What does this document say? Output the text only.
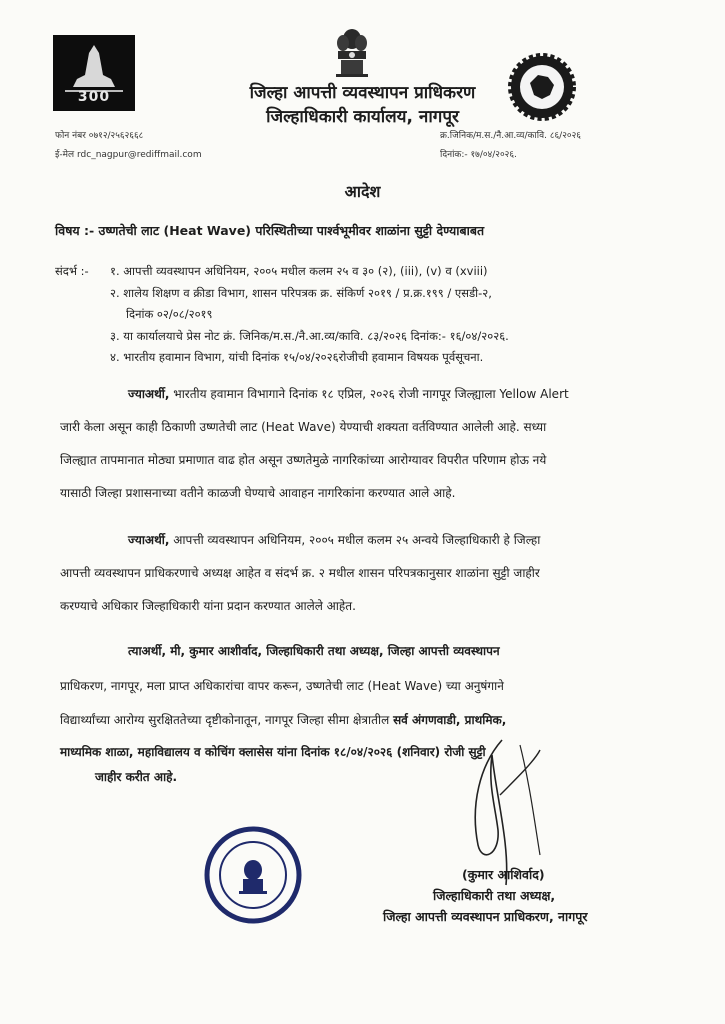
300	जिल्हा आपत्ती व्यवस्थापन प्राधिकरण
जिल्हाधिकारी कार्यालय, नागपूर
फोन नंबर ०७१२/२५६२६६८
ई-मेल rdc_nagpur@rediffmail.com
क्र.जिनिक/म.स./नै.आ.व्य/कावि. ८६/२०२६
दिनांक:- १७/०४/२०२६.
आदेश
विषय :- उष्णतेची लाट (Heat Wave) परिस्थितीच्या पार्श्वभूमीवर शाळांना सुट्टी देण्याबाबत
संदर्भ :- १. आपत्ती व्यवस्थापन अधिनियम, २००५ मधील कलम २५ व ३० (२), (iii), (v) व (xviii)
२. शालेय शिक्षण व क्रीडा विभाग, शासन परिपत्रक क्र. संकिर्ण २०१९ / प्र.क्र.१९९ / एसडी-२,
दिनांक ०२/०८/२०१९
३. या कार्यालयाचे प्रेस नोट क्रं. जिनिक/म.स./नै.आ.व्य/कावि. ८३/२०२६ दिनांक:- १६/०४/२०२६.
४. भारतीय हवामान विभाग, यांची दिनांक १५/०४/२०२६रोजीची हवामान विषयक पूर्वसूचना.
ज्याअर्थी, भारतीय हवामान विभागाने दिनांक १८ एप्रिल, २०२६ रोजी नागपूर जिल्ह्याला Yellow Alert
जारी केला असून काही ठिकाणी उष्णतेची लाट (Heat Wave) येण्याची शक्यता वर्तविण्यात आलेली आहे. सध्या
जिल्ह्यात तापमानात मोठ्या प्रमाणात वाढ होत असून उष्णतेमुळे नागरिकांच्या आरोग्यावर विपरीत परिणाम होऊ नये
यासाठी जिल्हा प्रशासनाच्या वतीने काळजी घेण्याचे आवाहन नागरिकांना करण्यात आले आहे.
ज्याअर्थी, आपत्ती व्यवस्थापन अधिनियम, २००५ मधील कलम २५ अन्वये जिल्हाधिकारी हे जिल्हा
आपत्ती व्यवस्थापन प्राधिकरणाचे अध्यक्ष आहेत व संदर्भ क्र. २ मधील शासन परिपत्रकानुसार शाळांना सुट्टी जाहीर
करण्याचे अधिकार जिल्हाधिकारी यांना प्रदान करण्यात आलेले आहेत.
त्याअर्थी, मी, कुमार आशीर्वाद, जिल्हाधिकारी तथा अध्यक्ष, जिल्हा आपत्ती व्यवस्थापन
प्राधिकरण, नागपूर, मला प्राप्त अधिकारांचा वापर करून, उष्णतेची लाट (Heat Wave) च्या अनुषंगाने
विद्यार्थ्यांच्या आरोग्य सुरक्षिततेच्या दृष्टीकोनातून, नागपूर जिल्हा सीमा क्षेत्रातील सर्व अंगणवाडी, प्राथमिक,
माध्यमिक शाळा, महाविद्यालय व कोचिंग क्लासेस यांना दिनांक १८/०४/२०२६ (शनिवार) रोजी सुट्टी
जाहीर करीत आहे.
(कुमार आशिर्वाद)
जिल्हाधिकारी तथा अध्यक्ष,
जिल्हा आपत्ती व्यवस्थापन प्राधिकरण, नागपूर
